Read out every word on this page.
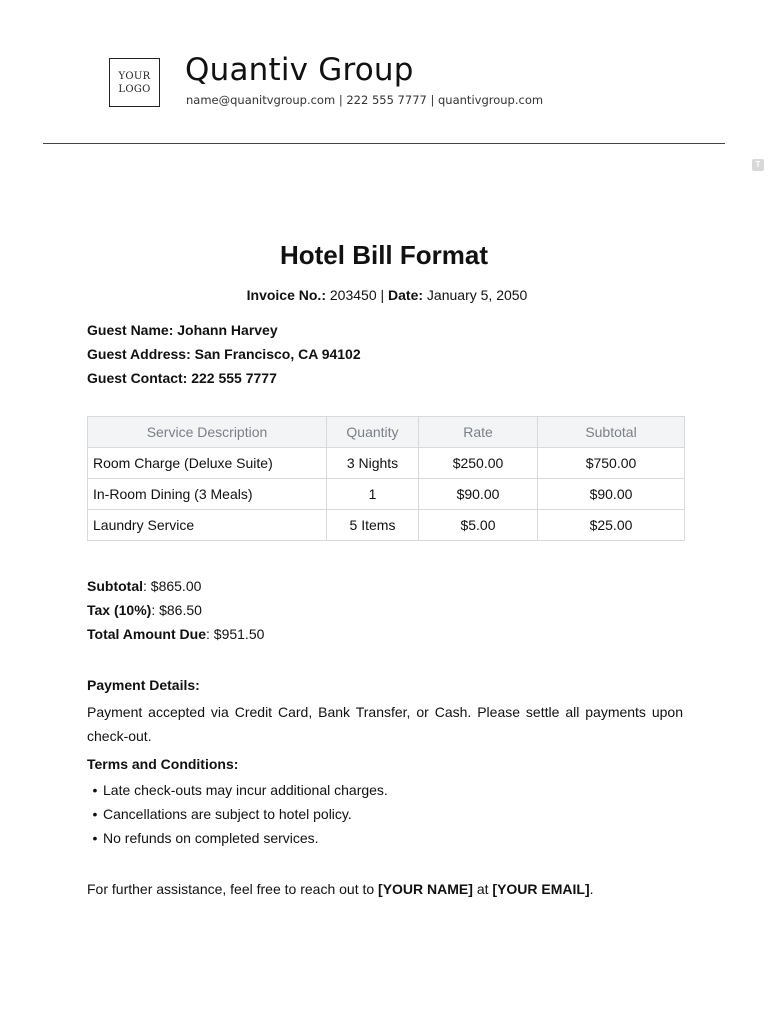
YOUR
LOGO
Quantiv Group
name@quanitvgroup.com | 222 555 7777 | quantivgroup.com
T
Hotel Bill Format
Invoice No.: 203450 | Date: January 5, 2050
Guest Name: Johann Harvey
Guest Address: San Francisco, CA 94102
Guest Contact: 222 555 7777
Service Description	Quantity	Rate	Subtotal
Room Charge (Deluxe Suite)	3 Nights	$250.00	$750.00
In-Room Dining (3 Meals)	1	$90.00	$90.00
Laundry Service	5 Items	$5.00	$25.00
Subtotal: $865.00
Tax (10%): $86.50
Total Amount Due: $951.50
Payment Details:
Payment accepted via Credit Card, Bank Transfer, or Cash. Please settle all payments upon check-out.
Terms and Conditions:
• Late check-outs may incur additional charges.
• Cancellations are subject to hotel policy.
• No refunds on completed services.
For further assistance, feel free to reach out to [YOUR NAME] at [YOUR EMAIL].
